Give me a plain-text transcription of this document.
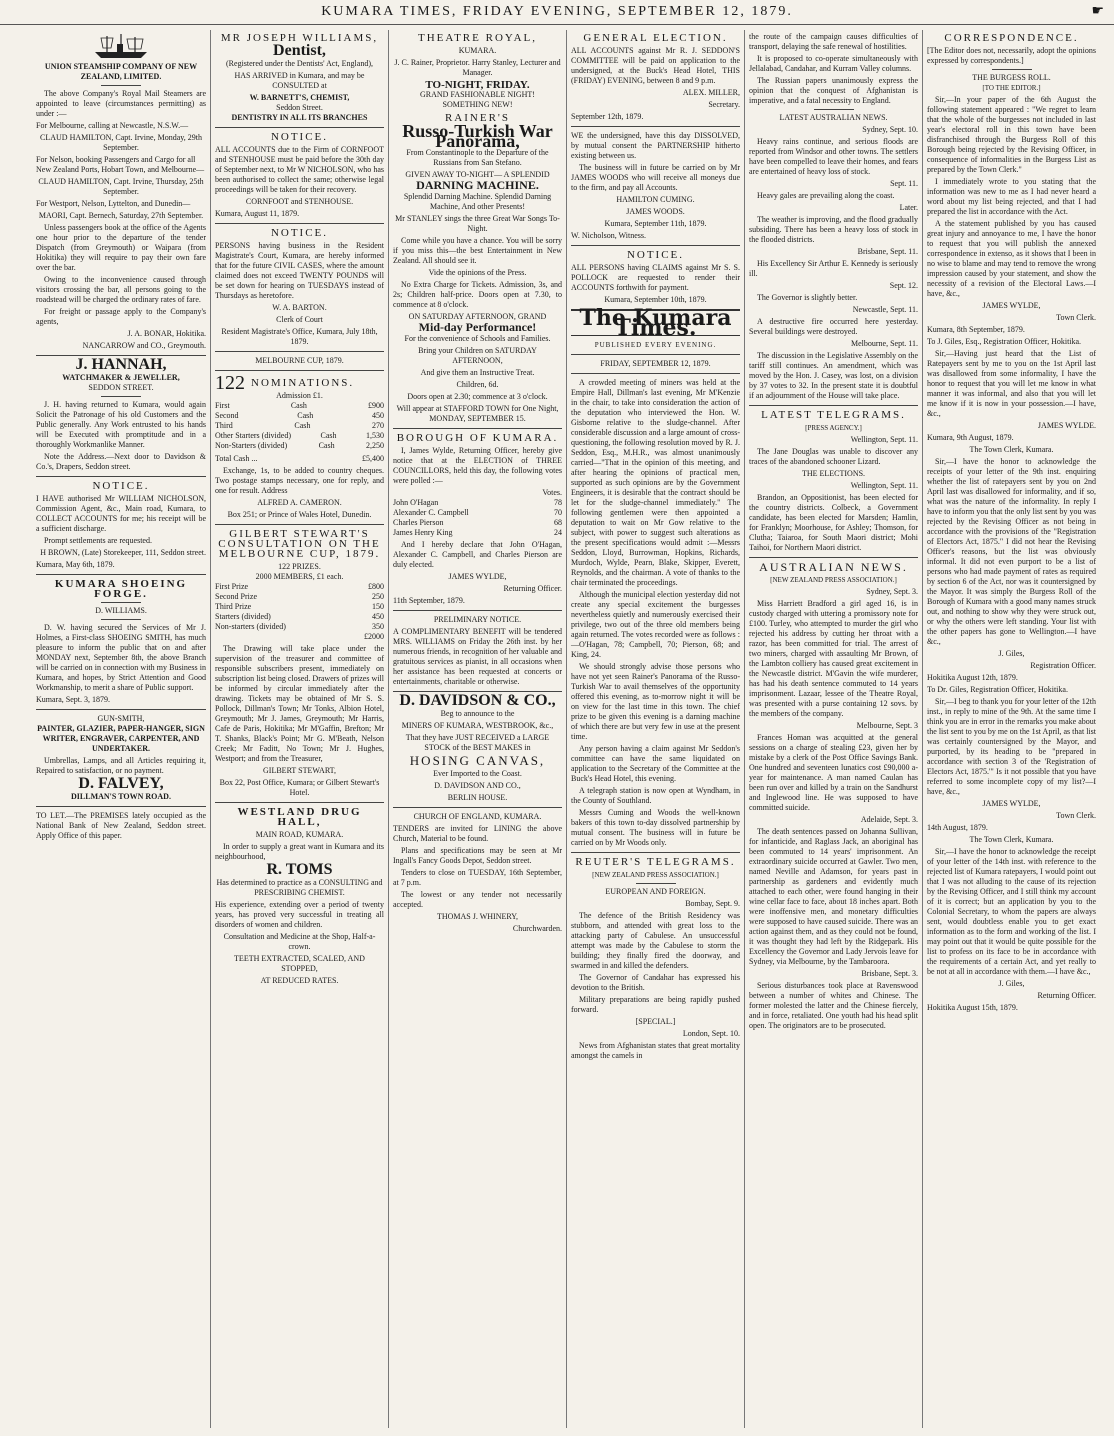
KUMARA TIMES, FRIDAY EVENING, SEPTEMBER 12, 1879.	☛
UNION STEAMSHIP COMPANY OF NEW ZEALAND, LIMITED.

The above Company's Royal Mail Steamers are appointed to leave (circumstances permitting) as under :—

For Melbourne, calling at Newcastle, N.S.W.—

CLAUD HAMILTON, Capt. Irvine, Monday, 29th September.

For Nelson, booking Passengers and Cargo for all New Zealand Ports, Hobart Town, and Melbourne—

CLAUD HAMILTON, Capt. Irvine, Thursday, 25th September.

For Westport, Nelson, Lyttelton, and Dunedin—

MAORI, Capt. Bernech, Saturday, 27th September.

Unless passengers book at the office of the Agents one hour prior to the departure of the tender Dispatch (from Greymouth) or Waipara (from Hokitika) they will require to pay their own fare over the bar.

Owing to the inconvenience caused through visitors crossing the bar, all persons going to the roadstead will be charged the ordinary rates of fare.

For freight or passage apply to the Company's agents,

J. A. BONAR, Hokitika.

NANCARROW and CO., Greymouth.

J. HANNAH,
WATCHMAKER & JEWELLER,
SEDDON STREET.

J. H. having returned to Kumara, would again Solicit the Patronage of his old Customers and the Public generally. Any Work entrusted to his hands will be Executed with promptitude and in a thoroughly Workmanlike Manner.

Note the Address.—Next door to Davidson & Co.'s, Drapers, Seddon street.

NOTICE.

I HAVE authorised Mr WILLIAM NICHOLSON, Commission Agent, &c., Main road, Kumara, to COLLECT ACCOUNTS for me; his receipt will be a sufficient discharge.

Prompt settlements are requested.

H BROWN, (Late) Storekeeper, 111, Seddon street.

Kumara, May 6th, 1879.

KUMARA SHOEING FORGE.
D. WILLIAMS.

D. W. having secured the Services of Mr J. Holmes, a First-class SHOEING SMITH, has much pleasure to inform the public that on and after MONDAY next, September 8th, the above Branch will be carried on in connection with my Business in Kumara, and hopes, by Strict Attention and Good Workmanship, to merit a share of Public support.

Kumara, Sept. 3, 1879.

GUN-SMITH,
PAINTER, GLAZIER, PAPER-HANGER, SIGN WRITER, ENGRAVER, CARPENTER, AND UNDERTAKER.

Umbrellas, Lamps, and all Articles requiring it, Repaired to satisfaction, or no payment.

D. FALVEY,
DILLMAN'S TOWN ROAD.

TO LET.—The PREMISES lately occupied as the National Bank of New Zealand, Seddon street. Apply Office of this paper.

MR JOSEPH WILLIAMS,
Dentist,
(Registered under the Dentists' Act, England),

HAS ARRIVED in Kumara, and may be CONSULTED at

W. BARNETT'S, CHEMIST,
Seddon Street.
DENTISTRY IN ALL ITS BRANCHES
NOTICE.

ALL ACCOUNTS due to the Firm of CORNFOOT and STENHOUSE must be paid before the 30th day of September next, to Mr W NICHOLSON, who has been authorised to collect the same; otherwise legal proceedings will be taken for their recovery.

CORNFOOT and STENHOUSE.

Kumara, August 11, 1879.

NOTICE.

PERSONS having business in the Resident Magistrate's Court, Kumara, are hereby informed that for the future CIVIL CASES, where the amount claimed does not exceed TWENTY POUNDS will be set down for hearing on TUESDAYS instead of Thursdays as heretofore.

W. A. BARTON.

Clerk of Court

Resident Magistrate's Office, Kumara, July 18th, 1879.

MELBOURNE CUP, 1879.
122 NOMINATIONS.
Admission £1.
First	Cash	£900
Second	Cash	450
Third	Cash	270
Other Starters (divided)	Cash	1,530
Non-Starters (divided)	Cash	2,250
Total Cash ...	£5,400

Exchange, 1s, to be added to country cheques. Two postage stamps necessary, one for reply, and one for result. Address

ALFRED A. CAMERON.

Box 251; or Prince of Wales Hotel, Dunedin.

GILBERT STEWART'S CONSULTATION ON THE MELBOURNE CUP, 1879.
122 PRIZES.
2000 MEMBERS, £1 each.
First Prize	£800
Second Prize	250
Third Prize	150
Starters (divided)	450
Non-starters (divided)	350
£2000

The Drawing will take place under the supervision of the treasurer and committee of responsible subscribers present, immediately on subscription list being closed. Drawers of prizes will be informed by circular immediately after the drawing. Tickets may be obtained of Mr S. S. Pollock, Dillman's Town; Mr Tonks, Albion Hotel, Greymouth; Mr J. James, Greymouth; Mr Harris, Cafe de Paris, Hokitika; Mr M'Gaffin, Brefton; Mr T. Shanks, Black's Point; Mr G. M'Beath, Nelson Creek; Mr Faditt, No Town; Mr J. Hughes, Westport; and from the Treasurer,

GILBERT STEWART,

Box 22, Post Office, Kumara; or Gilbert Stewart's Hotel.

WESTLAND DRUG HALL,
MAIN ROAD, KUMARA.

In order to supply a great want in Kumara and its neighbourhood,

R. TOMS

Has determined to practice as a CONSULTING and PRESCRIBING CHEMIST.

His experience, extending over a period of twenty years, has proved very successful in treating all disorders of women and children.

Consultation and Medicine at the Shop, Half-a-crown.

TEETH EXTRACTED, SCALED, AND STOPPED,

AT REDUCED RATES.

THEATRE ROYAL,
KUMARA.

J. C. Rainer, Proprietor. Harry Stanley, Lecturer and Manager.

TO-NIGHT, FRIDAY.
GRAND FASHIONABLE NIGHT!
SOMETHING NEW!
RAINER'S
Russo-Turkish War Panorama,

From Constantinople to the Departure of the Russians from San Stefano.

GIVEN AWAY TO-NIGHT— A SPLENDID
DARNING MACHINE.

Splendid Darning Machine. Splendid Darning Machine, And other Presents!

Mr STANLEY sings the three Great War Songs To-Night.

Come while you have a chance. You will be sorry if you miss this—the best Entertainment in New Zealand. All should see it.

Vide the opinions of the Press.

No Extra Charge for Tickets. Admission, 3s, and 2s; Children half-price. Doors open at 7.30, to commence at 8 o'clock.

ON SATURDAY AFTERNOON, GRAND
Mid-day Performance!

For the convenience of Schools and Families.

Bring your Children on SATURDAY AFTERNOON,

And give them an Instructive Treat.

Children, 6d.

Doors open at 2.30; commence at 3 o'clock.

Will appear at STAFFORD TOWN for One Night, MONDAY, SEPTEMBER 15.

BOROUGH OF KUMARA.

I, James Wylde, Returning Officer, hereby give notice that at the ELECTION of THREE COUNCILLORS, held this day, the following votes were polled :—

Votes.
John O'Hagan	78
Alexander C. Campbell	70
Charles Pierson	68
James Henry King	24

And I hereby declare that John O'Hagan, Alexander C. Campbell, and Charles Pierson are duly elected.

JAMES WYLDE,

Returning Officer.

11th September, 1879.

PRELIMINARY NOTICE.

A COMPLIMENTARY BENEFIT will be tendered MRS. WILLIAMS on Friday the 26th inst. by her numerous friends, in recognition of her valuable and gratuitous services as pianist, in all occasions when her assistance has been requested at concerts or entertainments, charitable or otherwise.

D. DAVIDSON & CO.,

Beg to announce to the

MINERS OF KUMARA, WESTBROOK, &c.,

That they have JUST RECEIVED a LARGE STOCK of the BEST MAKES in

HOSING CANVAS,

Ever Imported to the Coast.

D. DAVIDSON AND CO.,

BERLIN HOUSE.

CHURCH OF ENGLAND, KUMARA.

TENDERS are invited for LINING the above Church, Material to be found.

Plans and specifications may be seen at Mr Ingall's Fancy Goods Depot, Seddon street.

Tenders to close on TUESDAY, 16th September, at 7 p.m.

The lowest or any tender not necessarily accepted.

THOMAS J. WHINERY,

Churchwarden.

GENERAL ELECTION.

ALL ACCOUNTS against Mr R. J. SEDDON'S COMMITTEE will be paid on application to the undersigned, at the Buck's Head Hotel, THIS (FRIDAY) EVENING, between 8 and 9 p.m.

ALEX. MILLER,

Secretary.

September 12th, 1879.

WE the undersigned, have this day DISSOLVED, by mutual consent the PARTNERSHIP hitherto existing between us.

The business will in future be carried on by Mr JAMES WOODS who will receive all moneys due to the firm, and pay all Accounts.

HAMILTON CUMING.

JAMES WOODS.

Kumara, September 11th, 1879.

W. Nicholson, Witness.

NOTICE.

ALL PERSONS having CLAIMS against Mr S. S. POLLOCK are requested to render their ACCOUNTS forthwith for payment.

Kumara, September 10th, 1879.

The Kumara Times.
PUBLISHED EVERY EVENING.
FRIDAY, SEPTEMBER 12, 1879.

A crowded meeting of miners was held at the Empire Hall, Dillman's last evening, Mr M'Kenzie in the chair, to take into consideration the action of the deputation who interviewed the Hon. W. Gisborne relative to the sludge-channel. After considerable discussion and a large amount of cross-questioning, the following resolution moved by R. J. Seddon, Esq., M.H.R., was almost unanimously carried—"That in the opinion of this meeting, and after hearing the opinions of practical men, supported as such opinions are by the Government Engineers, it is desirable that the contract should be let for the sludge-channel immediately." The following gentlemen were then appointed a deputation to wait on Mr Gow relative to the subject, with power to suggest such alterations as the present specifications would admit :—Messrs Seddon, Lloyd, Burrowman, Hopkins, Richards, Murdoch, Wylde, Pearn, Blake, Skipper, Everett, Reynolds, and the chairman. A vote of thanks to the chair terminated the proceedings.

Although the municipal election yesterday did not create any special excitement the burgesses nevertheless quietly and numerously exercised their privilege, two out of the three old members being again returned. The votes recorded were as follows :—O'Hagan, 78; Campbell, 70; Pierson, 68; and King, 24.

We should strongly advise those persons who have not yet seen Rainer's Panorama of the Russo-Turkish War to avail themselves of the opportunity offered this evening, as to-morrow night it will be on view for the last time in this town. The chief prize to be given this evening is a darning machine of which there are but very few in use at the present time.

Any person having a claim against Mr Seddon's committee can have the same liquidated on application to the Secretary of the Committee at the Buck's Head Hotel, this evening.

A telegraph station is now open at Wyndham, in the County of Southland.

Messrs Cuming and Woods the well-known bakers of this town to-day dissolved partnership by mutual consent. The business will in future be carried on by Mr Woods only.

REUTER'S TELEGRAMS.
[NEW ZEALAND PRESS ASSOCIATION.]
EUROPEAN AND FOREIGN.

Bombay, Sept. 9.

The defence of the British Residency was stubborn, and attended with great loss to the attacking party of Cabulese. An unsuccessful attempt was made by the Cabulese to storm the building; they finally fired the doorway, and swarmed in and killed the defenders.

The Governor of Candahar has expressed his devotion to the British.

Military preparations are being rapidly pushed forward.

[SPECIAL.]

London, Sept. 10.

News from Afghanistan states that great mortality amongst the camels in

the route of the campaign causes difficulties of transport, delaying the safe renewal of hostilities.

It is proposed to co-operate simultaneously with Jellalabad, Candahar, and Kurram Valley columns.

The Russian papers unanimously express the opinion that the conquest of Afghanistan is imperative, and a fatal necessity to England.

LATEST AUSTRALIAN NEWS.

Sydney, Sept. 10.

Heavy rains continue, and serious floods are reported from Windsor and other towns. The settlers have been compelled to leave their homes, and fears are entertained of heavy loss of stock.

Sept. 11.

Heavy gales are prevailing along the coast.

Later.

The weather is improving, and the flood gradually subsiding. There has been a heavy loss of stock in the flooded districts.

Brisbane, Sept. 11.

His Excellency Sir Arthur E. Kennedy is seriously ill.

Sept. 12.

The Governor is slightly better.

Newcastle, Sept. 11.

A destructive fire occurred here yesterday. Several buildings were destroyed.

Melbourne, Sept. 11.

The discussion in the Legislative Assembly on the tariff still continues. An amendment, which was moved by the Hon. J. Casey, was lost, on a division by 37 votes to 32. In the present state it is doubtful if an adjournment of the House will take place.

LATEST TELEGRAMS.
[PRESS AGENCY.]

Wellington, Sept. 11.

The Jane Douglas was unable to discover any traces of the abandoned schooner Lizard.

THE ELECTIONS.

Wellington, Sept. 11.

Brandon, an Oppositionist, has been elected for the country districts. Colbeck, a Government candidate, has been elected for Marsden; Hamlin, for Franklyn; Moorhouse, for Ashley; Thomson, for Clutha; Taiaroa, for South Maori district; Mohi Taihoi, for Northern Maori district.

AUSTRALIAN NEWS.
[NEW ZEALAND PRESS ASSOCIATION.]

Sydney, Sept. 3.

Miss Harriett Bradford a girl aged 16, is in custody charged with uttering a promissory note for £100. Turley, who attempted to murder the girl who rejected his address by cutting her throat with a razor, has been committed for trial. The arrest of two miners, charged with assaulting Mr Brown, of the Lambton colliery has caused great excitement in the Newcastle district. M'Gavin the wife murderer, has had his death sentence commuted to 14 years imprisonment. Lazaar, lessee of the Theatre Royal, was presented with a purse containing 12 sovs. by the members of the company.

Melbourne, Sept. 3

Frances Homan was acquitted at the general sessions on a charge of stealing £23, given her by mistake by a clerk of the Post Office Savings Bank. One hundred and seventeen lunatics cost £90,000 a-year for maintenance. A man named Caulan has been run over and killed by a train on the Sandhurst and Inglewood line. He was supposed to have committed suicide.

Adelaide, Sept. 3.

The death sentences passed on Johanna Sullivan, for infanticide, and Raglass Jack, an aboriginal has been commuted to 14 years' imprisonment. An extraordinary suicide occurred at Gawler. Two men, named Neville and Adamson, for years past in partnership as gardeners and evidently much attached to each other, were found hanging in their wine cellar face to face, about 18 inches apart. Both were inoffensive men, and monetary difficulties were supposed to have caused suicide. There was an action against them, and as they could not be found, it was thought they had left by the Ridgepark. His Excellency the Governor and Lady Jervois leave for Sydney, via Melbourne, by the Tambaroora.

Brisbane, Sept. 3.

Serious disturbances took place at Ravenswood between a number of whites and Chinese. The former molested the latter and the Chinese fiercely, and in force, retaliated. One youth had his head split open. The originators are to be prosecuted.

CORRESPONDENCE.

[The Editor does not, necessarily, adopt the opinions expressed by correspondents.]

THE BURGESS ROLL.
[TO THE EDITOR.]

Sir,—In your paper of the 6th August the following statement appeared : "We regret to learn that the whole of the burgesses not included in last year's electoral roll in this town have been disfranchised through the Burgess Roll of this Borough being rejected by the Revising Officer, in consequence of informalities in the Burgess List as prepared by the Town Clerk."

I immediately wrote to you stating that the information was new to me as I had never heard a word about my list being rejected, and that I had prepared the list in accordance with the Act.

A the statement published by you has caused great injury and annoyance to me, I have the honor to request that you will publish the annexed correspondence in extenso, as it shows that I been in no wise to blame and may tend to remove the wrong impression caused by your statement, and show the necessity of a revision of the Electoral Laws.—I have, &c.,

JAMES WYLDE,

Town Clerk.

Kumara, 8th September, 1879.

To J. Giles, Esq., Registration Officer, Hokitika.

Sir,—Having just heard that the List of Ratepayers sent by me to you on the 1st April last was disallowed from some informality, I have the honor to request that you will let me know in what manner it was informal, and also that you will let me know if it is now in your possession.—I have, &c.,

JAMES WYLDE.

Kumara, 9th August, 1879.

The Town Clerk, Kumara.

Sir,—I have the honor to acknowledge the receipts of your letter of the 9th inst. enquiring whether the list of ratepayers sent by you on 2nd April last was disallowed for informality, and if so, what was the nature of the informality. In reply I have to inform you that the only list sent by you was rejected by the Revising Officer as not being in accordance with the provisions of the "Registration of Electors Act, 1875." I did not hear the Revising Officer's reasons, but the list was obviously informal. It did not even purport to be a list of persons who had made payment of rates as required by section 6 of the Act, nor was it countersigned by the Mayor. It was simply the Burgess Roll of the Borough of Kumara with a good many names struck out, and nothing to show why they were struck out, or why the others were left standing. Your list with the other papers has gone to Wellington.—I have &c.,

J. Giles,

Registration Officer.

Hokitika August 12th, 1879.

To Dr. Giles, Registration Officer, Hokitika.

Sir,—I beg to thank you for your letter of the 12th inst., in reply to mine of the 9th. At the same time I think you are in error in the remarks you make about the list sent to you by me on the 1st April, as that list was certainly countersigned by the Mayor, and purported, by its heading to be "prepared in accordance with section 3 of the 'Registration of Electors Act, 1875.'" Is it not possible that you have referred to some incomplete copy of my list?—I have, &c.,

JAMES WYLDE,

Town Clerk.

14th August, 1879.

The Town Clerk, Kumara.

Sir,—I have the honor to acknowledge the receipt of your letter of the 14th inst. with reference to the rejected list of Kumara ratepayers, I would point out that I was not alluding to the cause of its rejection by the Revising Officer, and I still think my account of it is correct; but an application by you to the Colonial Secretary, to whom the papers are always sent, would doubtless enable you to get exact information as to the form and working of the list. I may point out that it would be quite possible for the list to profess on its face to be in accordance with the requirements of a certain Act, and yet really to be not at all in accordance with them.—I have &c.,

J. Giles,

Returning Officer.

Hokitika August 15th, 1879.
